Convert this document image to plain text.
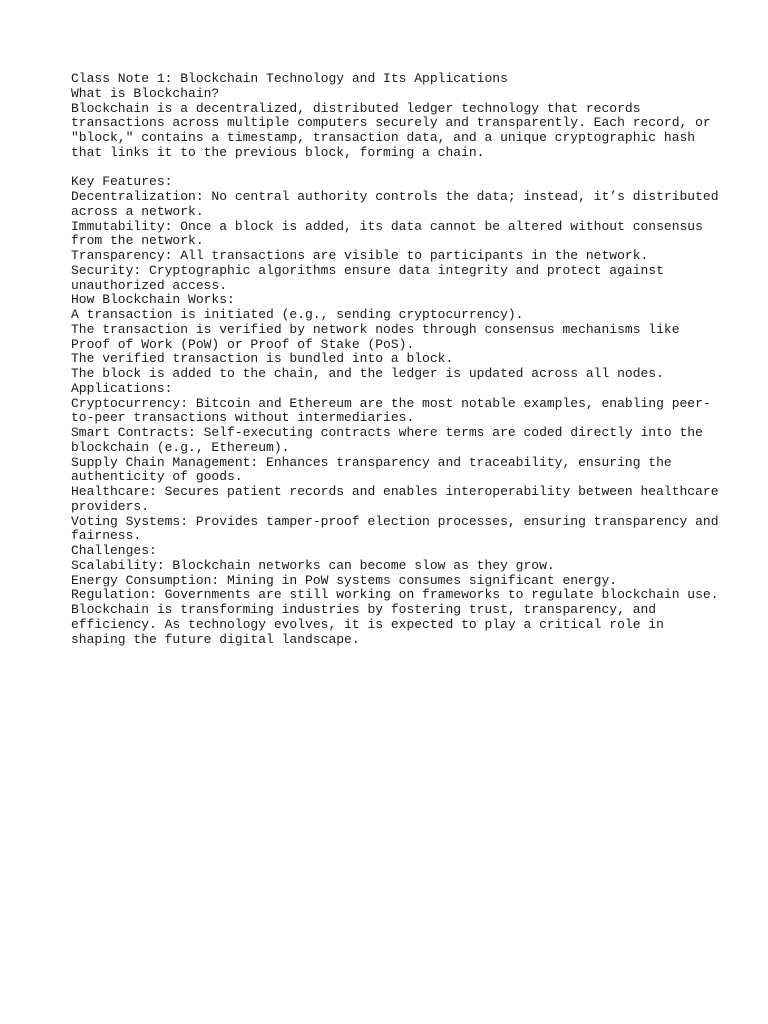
Class Note 1: Blockchain Technology and Its Applications
What is Blockchain?
Blockchain is a decentralized, distributed ledger technology that records
transactions across multiple computers securely and transparently. Each record, or
"block," contains a timestamp, transaction data, and a unique cryptographic hash
that links it to the previous block, forming a chain.
Key Features:
Decentralization: No central authority controls the data; instead, it’s distributed
across a network.
Immutability: Once a block is added, its data cannot be altered without consensus
from the network.
Transparency: All transactions are visible to participants in the network.
Security: Cryptographic algorithms ensure data integrity and protect against
unauthorized access.
How Blockchain Works:
A transaction is initiated (e.g., sending cryptocurrency).
The transaction is verified by network nodes through consensus mechanisms like
Proof of Work (PoW) or Proof of Stake (PoS).
The verified transaction is bundled into a block.
The block is added to the chain, and the ledger is updated across all nodes.
Applications:
Cryptocurrency: Bitcoin and Ethereum are the most notable examples, enabling peer-
to-peer transactions without intermediaries.
Smart Contracts: Self-executing contracts where terms are coded directly into the
blockchain (e.g., Ethereum).
Supply Chain Management: Enhances transparency and traceability, ensuring the
authenticity of goods.
Healthcare: Secures patient records and enables interoperability between healthcare
providers.
Voting Systems: Provides tamper-proof election processes, ensuring transparency and
fairness.
Challenges:
Scalability: Blockchain networks can become slow as they grow.
Energy Consumption: Mining in PoW systems consumes significant energy.
Regulation: Governments are still working on frameworks to regulate blockchain use.
Blockchain is transforming industries by fostering trust, transparency, and
efficiency. As technology evolves, it is expected to play a critical role in
shaping the future digital landscape.
